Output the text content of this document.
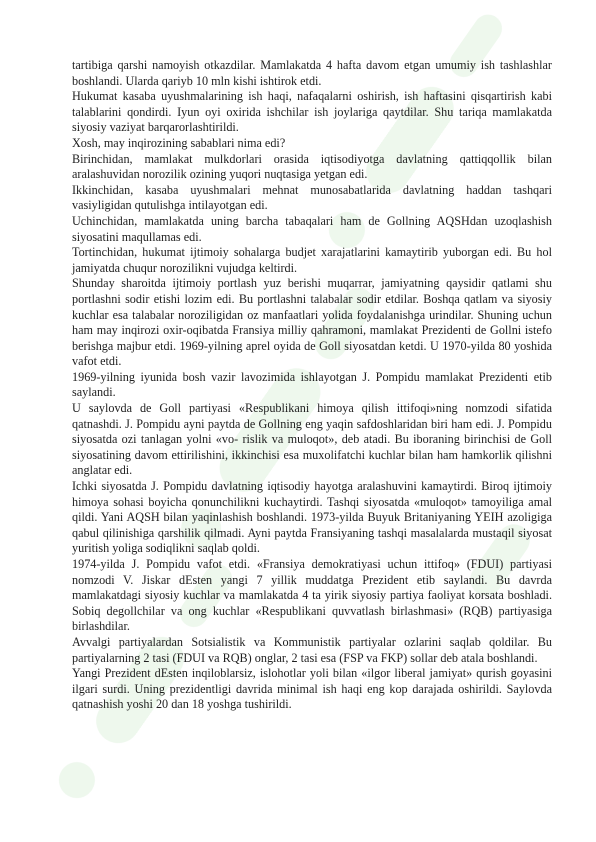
tartibiga qarshi namoyish otkazdilar. Mamlakatda 4 hafta davom etgan umumiy ish tashlashlar boshlandi. Ularda qariyb 10 mln kishi ishtirok etdi.

Hukumat kasaba uyushmalarining ish haqi, nafaqalarni oshirish, ish haftasini qisqartirish kabi talablarini qondirdi. Iyun oyi oxirida ishchilar ish joylariga qaytdilar. Shu tariqa mamlakatda siyosiy vaziyat barqarorlashtirildi.

Xosh, may inqirozining sabablari nima edi?

Birinchidan, mamlakat mulkdorlari orasida iqtisodiyotga davlatning qattiqqollik bilan aralashuvidan norozilik ozining yuqori nuqtasiga yetgan edi.

Ikkinchidan, kasaba uyushmalari mehnat munosabatlarida davlatning haddan tashqari vasiyligidan qutulishga intilayotgan edi.

Uchinchidan, mamlakatda uning barcha tabaqalari ham de Gollning AQSHdan uzoqlashish siyosatini maqullamas edi.

Tortinchidan, hukumat ijtimoiy sohalarga budjet xarajatlarini kamaytirib yuborgan edi. Bu hol jamiyatda chuqur norozilikni vujudga keltirdi.

Shunday sharoitda ijtimoiy portlash yuz berishi muqarrar, jamiyatning qaysidir qatlami shu portlashni sodir etishi lozim edi. Bu portlashni talabalar sodir etdilar. Boshqa qatlam va siyosiy kuchlar esa talabalar noroziligidan oz manfaatlari yolida foydalanishga urindilar. Shuning uchun ham may inqirozi oxir-oqibatda Fransiya milliy qahramoni, mamlakat Prezidenti de Gollni istefo berishga majbur etdi. 1969-yilning aprel oyida de Goll siyosatdan ketdi. U 1970-yilda 80 yoshida vafot etdi.

1969-yilning iyunida bosh vazir lavozimida ishlayotgan J. Pompidu mamlakat Prezidenti etib saylandi.

U saylovda de Goll partiyasi «Respublikani himoya qilish ittifoqi»ning nomzodi sifatida qatnashdi. J. Pompidu ayni paytda de Gollning eng yaqin safdoshlaridan biri ham edi. J. Pompidu siyosatda ozi tanlagan yolni «vo- rislik va muloqot», deb atadi. Bu iboraning birinchisi de Goll siyosatining davom ettirilishini, ikkinchisi esa muxolifatchi kuchlar bilan ham hamkorlik qilishni anglatar edi.

Ichki siyosatda J. Pompidu davlatning iqtisodiy hayotga aralashuvini kamaytirdi. Biroq ijtimoiy himoya sohasi boyicha qonunchilikni kuchaytirdi. Tashqi siyosatda «muloqot» tamoyiliga amal qildi. Yani AQSH bilan yaqinlashish boshlandi. 1973-yilda Buyuk Britaniyaning YEIH azoligiga qabul qilinishiga qarshilik qilmadi. Ayni paytda Fransiyaning tashqi masalalarda mustaqil siyosat yuritish yoliga sodiqlikni saqlab qoldi.

1974-yilda J. Pompidu vafot etdi. «Fransiya demokratiyasi uchun ittifoq» (FDUI) partiyasi nomzodi V. Jiskar dEsten yangi 7 yillik muddatga Prezident etib saylandi. Bu davrda mamlakatdagi siyosiy kuchlar va mamlakatda 4 ta yirik siyosiy partiya faoliyat korsata boshladi. Sobiq degollchilar va ong kuchlar «Respublikani quvvatlash birlashmasi» (RQB) partiyasiga birlashdilar.

Avvalgi partiyalardan Sotsialistik va Kommunistik partiyalar ozlarini saqlab qoldilar. Bu partiyalarning 2 tasi (FDUI va RQB) onglar, 2 tasi esa (FSP va FKP) sollar deb atala boshlandi.

Yangi Prezident dEsten inqiloblarsiz, islohotlar yoli bilan «ilgor liberal jamiyat» qurish goyasini ilgari surdi. Uning prezidentligi davrida minimal ish haqi eng kop darajada oshirildi. Saylovda qatnashish yoshi 20 dan 18 yoshga tushirildi.
